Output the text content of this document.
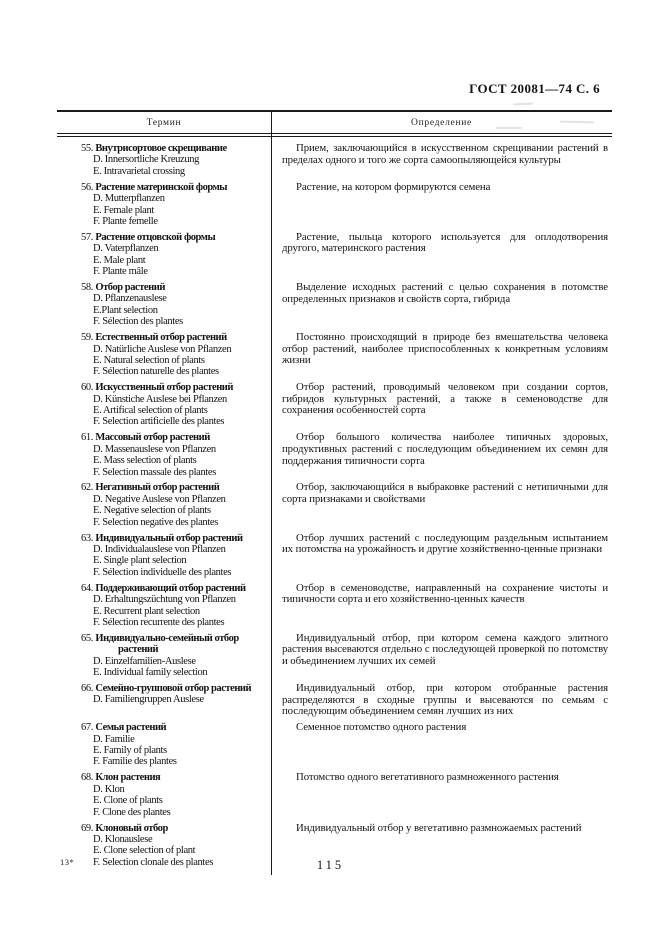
ГОСТ 20081—74 С. 6
Термин	Определение
55. Внутрисортовое скрещивание
D. Innersortliche Kreuzung
E. Intravarietal crossing
Прием, заключающийся в искусственном скрещивании растений в пределах одного и того же сорта самоопыляющейся культуры
56. Растение материнской формы
D. Mutterpflanzen
E. Female plant
F. Plante femelle
Растение, на котором формируются семена
57. Растение отцовской формы
D. Vaterpflanzen
E. Male plant
F. Plante mâle
Растение, пыльца которого используется для оплодотворения другого, материнского растения
58. Отбор растений
D. Pflanzenauslese
E.Plant selection
F. Sélection des plantes
Выделение исходных растений с целью сохранения в потомстве определенных признаков и свойств сорта, гибрида
59. Естественный отбор растений
D. Natürliche Auslese von Pflanzen
E. Natural selection of plants
F. Sélection naturelle des plantes
Постоянно происходящий в природе без вмешательства человека отбор растений, наиболее приспособленных к конкретным условиям жизни
60. Искусственный отбор растений
D. Künstiche Auslese bei Pflanzen
E. Artifical selection of plants
F. Selection artificielle des plantes
Отбор растений, проводимый человеком при создании сортов, гибридов культурных растений, а также в семеноводстве для сохранения особенностей сорта
61. Массовый отбор растений
D. Massenauslese von Pflanzen
E. Mass selection of plants
F. Selection massale des plantes
Отбор большого количества наиболее типичных здоровых, продуктивных растений с последующим объединением их семян для поддержания типичности сорта
62. Негативный отбор растений
D. Negative Auslese von Pflanzen
E. Negative selection of plants
F. Selection negative des plantes
Отбор, заключающийся в выбраковке растений с нетипичными для сорта признаками и свойствами
63. Индивидуальный отбор растений
D. Individualauslese von Pflanzen
E. Single plant selection
F. Sélection individuelle des plantes
Отбор лучших растений с последующим раздельным испытанием их потомства на урожайность и другие хозяйственно-ценные признаки
64. Поддерживающий отбор растений
D. Erhaltungszüchtung von Pflanzen
E. Recurrent plant selection
F. Sélection recurrente des plantes
Отбор в семеноводстве, направленный на сохранение чистоты и типичности сорта и его хозяйственно-ценных качеств
65. Индивидуально-семейный отбор растений
D. Einzelfamilien-Auslese
E. Individual family selection
Индивидуальный отбор, при котором семена каждого элитного растения высеваются отдельно с последующей проверкой по потомству и объединением лучших их семей
66. Семейно-групповой отбор растений
D. Familiengruppen Auslese
Индивидуальный отбор, при котором отобранные растения распределяются в сходные группы и высеваются по семьям с последующим объединением семян лучших из них
67. Семья растений
D. Familie
E. Family of plants
F. Familie des plantes
Семенное потомство одного растения
68. Клон растения
D. Klon
E. Clone of plants
F. Clone des plantes
Потомство одного вегетативного размноженного растения
69. Клоновый отбор
D. Klonauslese
E. Clone selection of plant
F. Selection clonale des plantes
Индивидуальный отбор у вегетативно размножаемых растений
13*	115
